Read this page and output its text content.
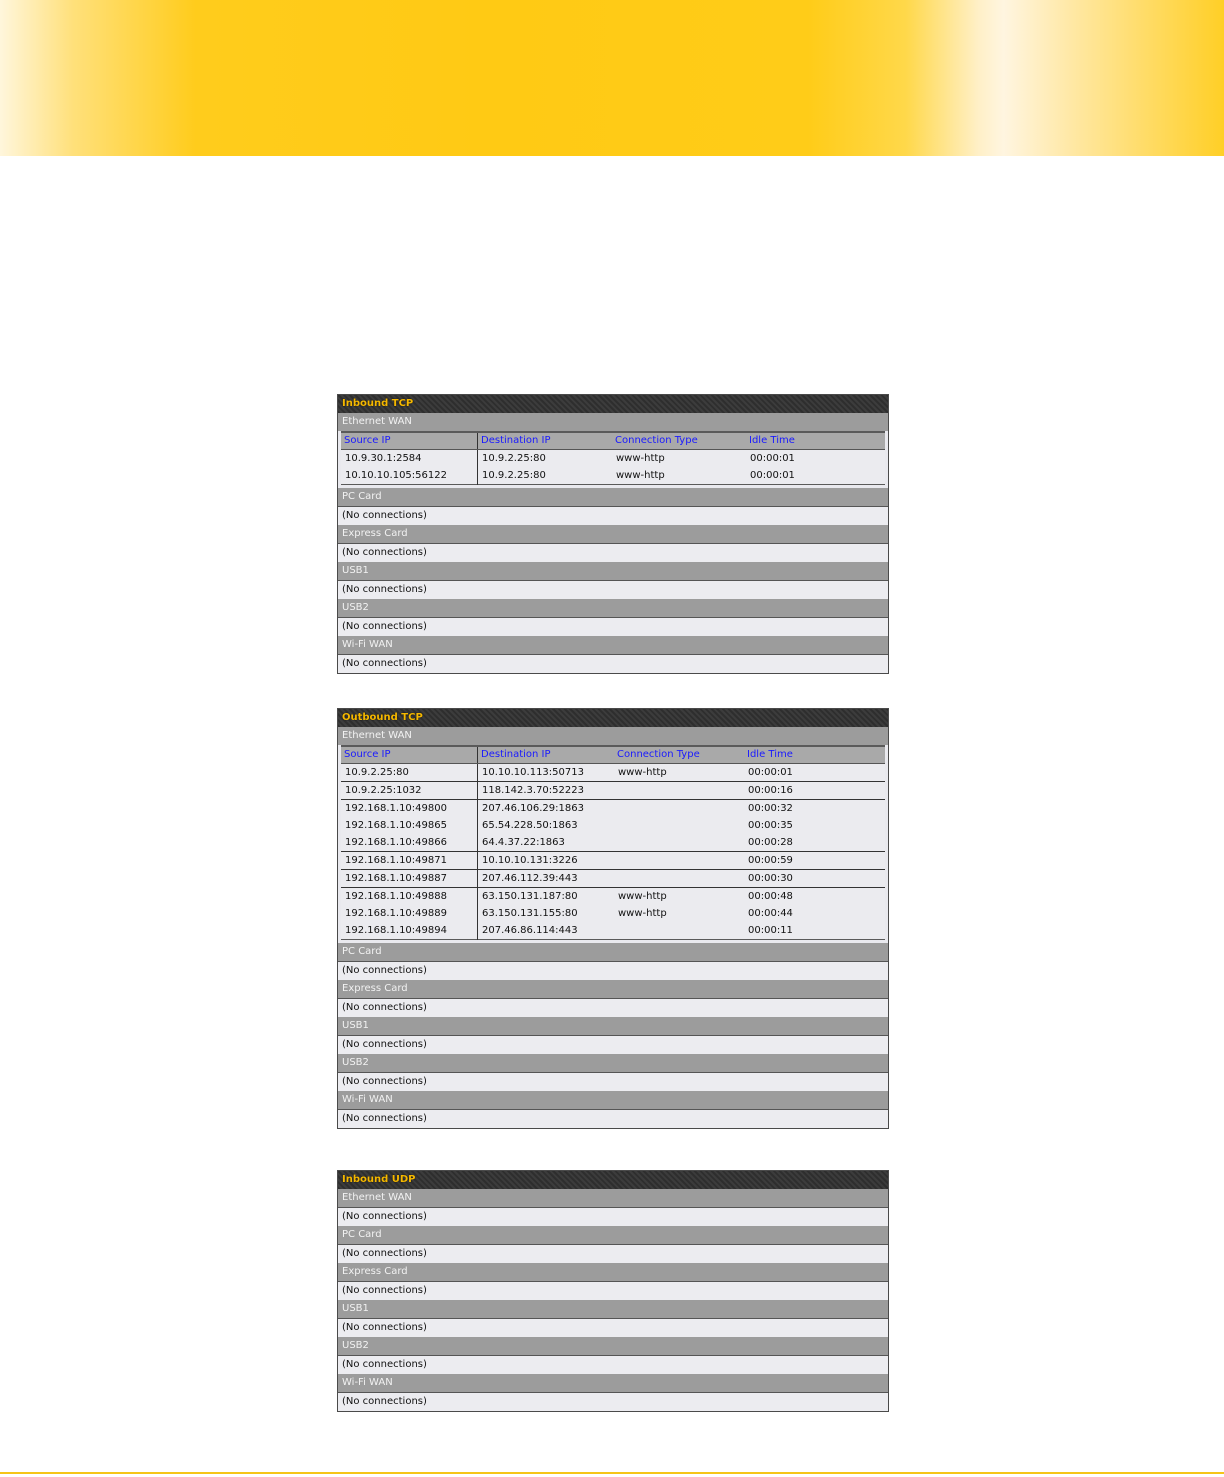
Inbound TCP
Ethernet WAN
Source IP	Destination IP	Connection Type	Idle Time
10.9.30.1:2584	10.9.2.25:80	www-http	00:00:01
10.10.10.105:56122	10.9.2.25:80	www-http	00:00:01
PC Card
(No connections)
Express Card
(No connections)
USB1
(No connections)
USB2
(No connections)
Wi-Fi WAN
(No connections)
Outbound TCP
Ethernet WAN
Source IP	Destination IP	Connection Type	Idle Time
10.9.2.25:80	10.10.10.113:50713	www-http	00:00:01
10.9.2.25:1032	118.142.3.70:52223		00:00:16
192.168.1.10:49800	207.46.106.29:1863		00:00:32
192.168.1.10:49865	65.54.228.50:1863		00:00:35
192.168.1.10:49866	64.4.37.22:1863		00:00:28
192.168.1.10:49871	10.10.10.131:3226		00:00:59
192.168.1.10:49887	207.46.112.39:443		00:00:30
192.168.1.10:49888	63.150.131.187:80	www-http	00:00:48
192.168.1.10:49889	63.150.131.155:80	www-http	00:00:44
192.168.1.10:49894	207.46.86.114:443		00:00:11
PC Card
(No connections)
Express Card
(No connections)
USB1
(No connections)
USB2
(No connections)
Wi-Fi WAN
(No connections)
Inbound UDP
Ethernet WAN
(No connections)
PC Card
(No connections)
Express Card
(No connections)
USB1
(No connections)
USB2
(No connections)
Wi-Fi WAN
(No connections)
